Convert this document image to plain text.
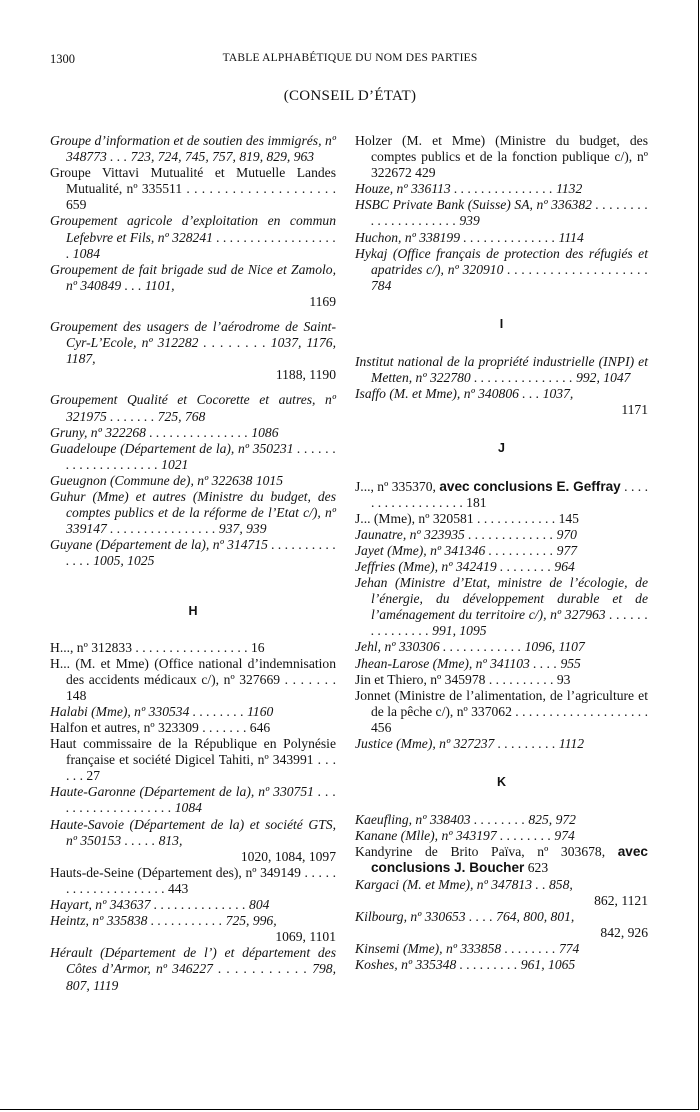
1300	TABLE ALPHABÉTIQUE DU NOM DES PARTIES
(CONSEIL D’ÉTAT)

Groupe d’information et de soutien des immigrés, nº 348773 . . . 723, 724, 745, 757, 819, 829, 963

Groupe Vittavi Mutualité et Mutuelle Landes Mutualité, nº 335511 . . . . . . . . . . . . . . . . . . . . 659

Groupement agricole d’exploitation en commun Lefebvre et Fils, nº 328241 . . . . . . . . . . . . . . . . . . . 1084

Groupement de fait brigade sud de Nice et Zamolo, nº 340849 . . . 1101,

1169

Groupement des usagers de l’aérodrome de Saint-Cyr-L’Ecole, nº 312282 . . . . . . . . 1037, 1176, 1187,

1188, 1190

Groupement Qualité et Cocorette et autres, nº 321975 . . . . . . . 725, 768

Gruny, nº 322268 . . . . . . . . . . . . . . . 1086

Guadeloupe (Département de la), nº 350231 . . . . . . . . . . . . . . . . . . . . 1021

Gueugnon (Commune de), nº 322638 1015

Guhur (Mme) et autres (Ministre du budget, des comptes publics et de la réforme de l’Etat c/), nº 339147 . . . . . . . . . . . . . . . . 937, 939

Guyane (Département de la), nº 314715 . . . . . . . . . . . . . . 1005, 1025

H

H..., nº 312833 . . . . . . . . . . . . . . . . . 16

H... (M. et Mme) (Office national d’indemnisation des accidents médicaux c/), nº 327669 . . . . . . . 148

Halabi (Mme), nº 330534 . . . . . . . . 1160

Halfon et autres, nº 323309 . . . . . . . 646

Haut commissaire de la République en Polynésie française et société Digicel Tahiti, nº 343991 . . . . . . 27

Haute-Garonne (Département de la), nº 330751 . . . . . . . . . . . . . . . . . . . 1084

Haute-Savoie (Département de la) et société GTS, nº 350153 . . . . . 813,

1020, 1084, 1097

Hauts-de-Seine (Département des), nº 349149 . . . . . . . . . . . . . . . . . . . . 443

Hayart, nº 343637 . . . . . . . . . . . . . . 804

Heintz, nº 335838 . . . . . . . . . . . 725, 996,

1069, 1101

Hérault (Département de l’) et département des Côtes d’Armor, nº 346227 . . . . . . . . . . . 798, 807, 1119

Holzer (M. et Mme) (Ministre du budget, des comptes publics et de la fonction publique c/), nº 322672 429

Houze, nº 336113 . . . . . . . . . . . . . . . 1132

HSBC Private Bank (Suisse) SA, nº 336382 . . . . . . . . . . . . . . . . . . . . . 939

Huchon, nº 338199 . . . . . . . . . . . . . . 1114

Hykaj (Office français de protection des réfugiés et apatrides c/), nº 320910 . . . . . . . . . . . . . . . . . . . . 784

I

Institut national de la propriété industrielle (INPI) et Metten, nº 322780 . . . . . . . . . . . . . . . 992, 1047

Isaffo (M. et Mme), nº 340806 . . . 1037,

1171

J

J..., nº 335370, avec conclusions E. Geffray . . . . . . . . . . . . . . . . . . 181

J... (Mme), nº 320581 . . . . . . . . . . . . 145

Jaunatre, nº 323935 . . . . . . . . . . . . . 970

Jayet (Mme), nº 341346 . . . . . . . . . . 977

Jeffries (Mme), nº 342419 . . . . . . . . 964

Jehan (Ministre d’Etat, ministre de l’écologie, de l’énergie, du développement durable et de l’aménagement du territoire c/), nº 327963 . . . . . . . . . . . . . . . 991, 1095

Jehl, nº 330306 . . . . . . . . . . . . 1096, 1107

Jhean-Larose (Mme), nº 341103 . . . . 955

Jin et Thiero, nº 345978 . . . . . . . . . . 93

Jonnet (Ministre de l’alimentation, de l’agriculture et de la pêche c/), nº 337062 . . . . . . . . . . . . . . . . . . . . 456

Justice (Mme), nº 327237 . . . . . . . . . 1112

K

Kaeufling, nº 338403 . . . . . . . . 825, 972

Kanane (Mlle), nº 343197 . . . . . . . . 974

Kandyrine de Brito Païva, nº 303678, avec conclusions J. Boucher 623

Kargaci (M. et Mme), nº 347813 . . 858,

862, 1121

Kilbourg, nº 330653 . . . . 764, 800, 801,

842, 926

Kinsemi (Mme), nº 333858 . . . . . . . . 774

Koshes, nº 335348 . . . . . . . . . 961, 1065
